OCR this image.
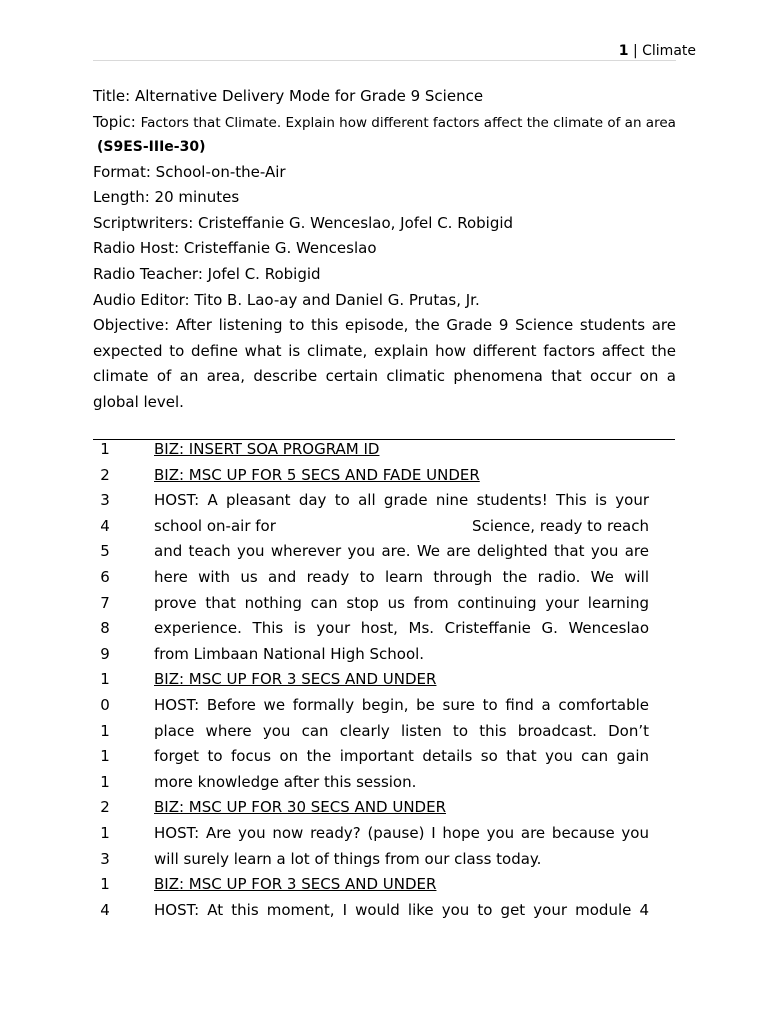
1 | Climate
Title: Alternative Delivery Mode for Grade 9 Science
Topic: Factors that Climate. Explain how different factors affect the climate of an area
(S9ES-IIIe-30)
Format: School-on-the-Air
Length: 20 minutes
Scriptwriters: Cristeffanie G. Wenceslao, Jofel C. Robigid
Radio Host: Cristeffanie G. Wenceslao
Radio Teacher: Jofel C. Robigid
Audio Editor: Tito B. Lao-ay and Daniel G. Prutas, Jr.
Objective: After listening to this episode, the Grade 9 Science students are expected to define what is climate, explain how different factors affect the climate of an area, describe certain climatic phenomena that occur on a global level.
1	BIZ: INSERT SOA PROGRAM ID
2	BIZ: MSC UP FOR 5 SECS AND FADE UNDER
3	HOST: A pleasant day to all grade nine students! This is your
4	school on-air for	Science, ready to reach
5	and teach you wherever you are. We are delighted that you are
6	here with us and ready to learn through the radio. We will
7	prove that nothing can stop us from continuing your learning
8	experience. This is your host, Ms. Cristeffanie G. Wenceslao
9	from Limbaan National High School.
1	BIZ: MSC UP FOR 3 SECS AND UNDER
0	HOST: Before we formally begin, be sure to find a comfortable
1	place where you can clearly listen to this broadcast. Don’t
1	forget to focus on the important details so that you can gain
1	more knowledge after this session.
2	BIZ: MSC UP FOR 30 SECS AND UNDER
1	HOST: Are you now ready? (pause) I hope you are because you
3	will surely learn a lot of things from our class today.
1	BIZ: MSC UP FOR 3 SECS AND UNDER
4	HOST: At this moment, I would like you to get your module 4
